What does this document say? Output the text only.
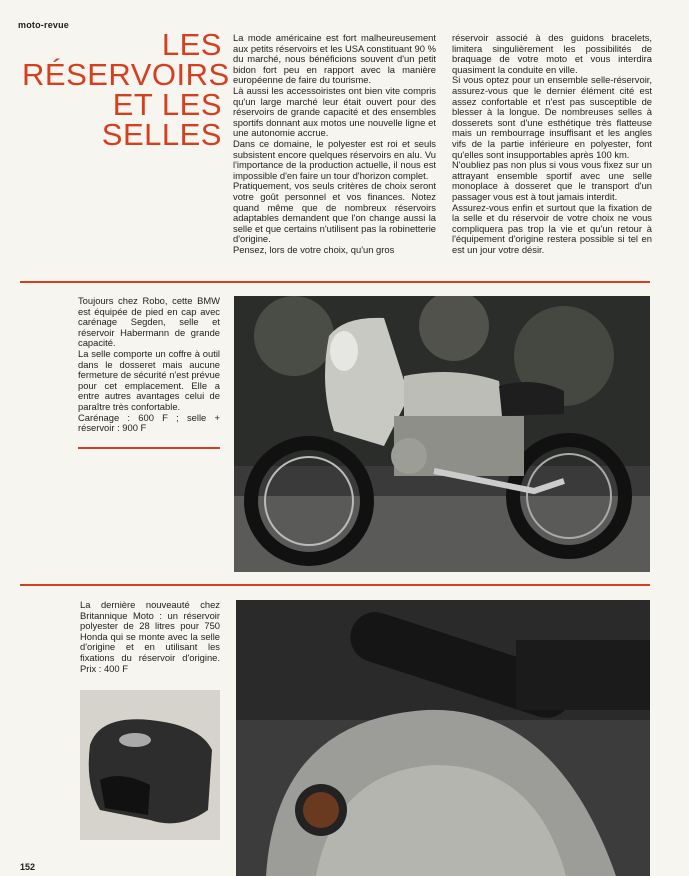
moto-revue
LES
RÉSERVOIRS
ET LES
SELLES

La mode américaine est fort malheureusement aux petits réservoirs et les USA constituant 90 % du marché, nous bénéficions souvent d'un petit bidon fort peu en rapport avec la manière européenne de faire du tourisme.

Là aussi les accessoiristes ont bien vite compris qu'un large marché leur était ouvert pour des réservoirs de grande capacité et des ensembles sportifs donnant aux motos une nouvelle ligne et une autonomie accrue.

Dans ce domaine, le polyester est roi et seuls subsistent encore quelques réservoirs en alu. Vu l'importance de la production actuelle, il nous est impossible d'en faire un tour d'horizon complet.

Pratiquement, vos seuls critères de choix seront votre goût personnel et vos finances. Notez quand même que de nombreux réservoirs adaptables demandent que l'on change aussi la selle et que certains n'utilisent pas la robinetterie d'origine.

Pensez, lors de votre choix, qu'un gros

réservoir associé à des guidons bracelets, limitera singulièrement les possibilités de braquage de votre moto et vous interdira quasiment la conduite en ville.

Si vous optez pour un ensemble selle-réservoir, assurez-vous que le dernier élément cité est assez confortable et n'est pas susceptible de blesser à la longue. De nombreuses selles à dosserets sont d'une esthétique très flatteuse mais un rembourrage insuffisant et les angles vifs de la partie inférieure en polyester, font qu'elles sont insupportables après 100 km.

N'oubliez pas non plus si vous vous fixez sur un attrayant ensemble sportif avec une selle monoplace à dosseret que le transport d'un passager vous est à tout jamais interdit.

Assurez-vous enfin et surtout que la fixation de la selle et du réservoir de votre choix ne vous compliquera pas trop la vie et qu'un retour à l'équipement d'origine restera possible si tel en est un jour votre désir.

Toujours chez Robo, cette BMW est équipée de pied en cap avec carénage Segden, selle et réservoir Habermann de grande capacité.
La selle comporte un coffre à outil dans le dosseret mais aucune fermeture de sécurité n'est prévue pour cet emplacement. Elle a entre autres avantages celui de paraître très confortable.
Carénage : 600 F ; selle + réservoir : 900 F
La dernière nouveauté chez Britannique Moto : un réservoir polyester de 28 litres pour 750 Honda qui se monte avec la selle d'origine et en utilisant les fixations du réservoir d'origine. Prix : 400 F
152
